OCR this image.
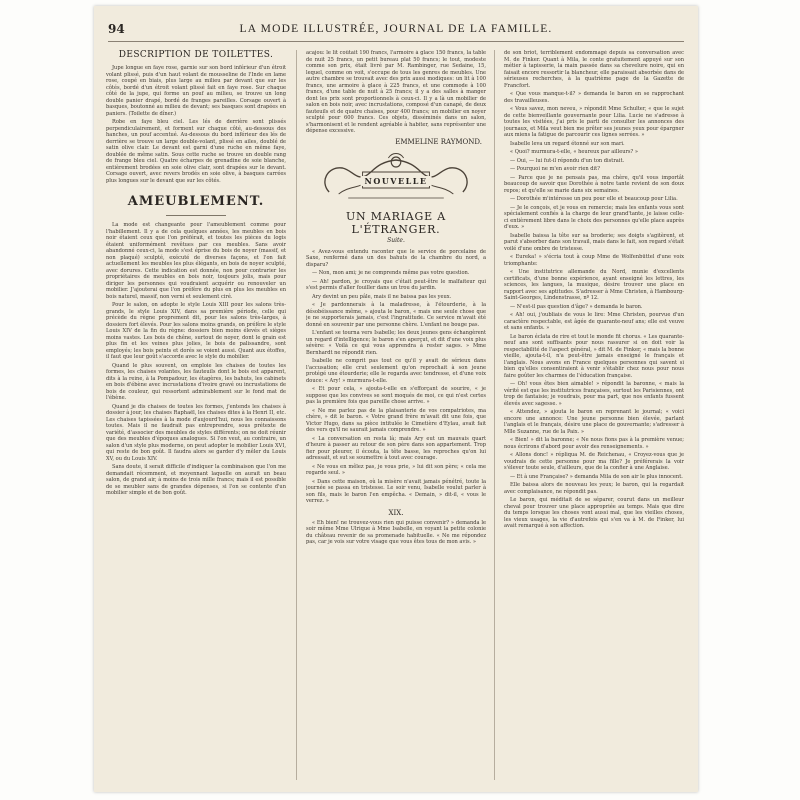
94	LA MODE ILLUSTRÉE, JOURNAL DE LA FAMILLE.
DESCRIPTION DE TOILETTES.

Jupe longue en faye rose, garnie sur son bord inférieur d'un étroit volant plissé, puis d'un haut volant de mousseline de l'Inde en lame rose, coupé en biais, plus large au milieu par devant que sur les côtés, bordé d'un étroit volant plissé fait en faye rose. Sur chaque côté de la jupe, qui forme un pouf au milieu, se trouve un long double panier drapé, bordé de franges pareilles. Corsage ouvert à basques, boutonné au milieu de devant; ses basques sont drapées en paniers. (Toilette de dîner.)

Robe en faye bleu ciel. Les lés de derrière sont plissés perpendiculairement, et forment sur chaque côté, au-dessous des hanches, un pouf accentué. Au-dessous du bord inférieur des lés de derrière se trouve un large double-volant, plissé en ailes, doublé de satin olive clair. Le devant est garni d'une ruche en même faye, doublée de même satin. Sous cette ruche se trouve un double rang de frange bleu ciel. Quatre écharpes de grenadine de soie blanche, entièrement brodées en soie olive clair, sont drapées sur le devant. Corsage ouvert, avec revers brodés en soie olive, à basques carrées plus longues sur le devant que sur les côtés.

AMEUBLEMENT.

La mode est changeante pour l'ameublement comme pour l'habillement. Il y a de cela quelques années, les meubles en bois noir étaient ceux que l'on préférait, et toutes les pièces du logis étaient uniformément revêtues par ces meubles. Sans avoir abandonné ceux-ci, la mode s'est éprise du bois de noyer (massif, et non plaqué) sculpté, exécuté de diverses façons, et l'on fait actuellement les meubles les plus élégants, en bois de noyer sculpté, avec dorures. Cette indication est donnée, non pour contrarier les propriétaires de meubles en bois noir, toujours jolis, mais pour diriger les personnes qui voudraient acquérir ou renouveler un mobilier. J'ajouterai que l'on préfère du plus en plus les meubles en bois naturel, massif, non verni et seulement ciré.

Pour le salon, on adopte le style Louis XIII pour les salons très-grands, le style Louis XIV, dans sa première période, celle qui précède du règne proprement dit, pour les salons très-larges, à dossiers fort élevés. Pour les salons moins grands, on préfère le style Louis XIV de la fin du règne: dossiers bien moins élevés et sièges moins vastes. Les bois de chêne, surtout de noyer, dont le grain est plus fin et les veines plus jolies, le bois de palissandre, sont employés; les bois peints et dorés se voient aussi. Quant aux étoffes, il faut que leur goût s'accorde avec le style du mobilier.

Quand le plus souvent, on emploie les chaises de toutes les formes, les chaises volantes, les fauteuils dont le bois est apparent, dits à la reine, à la Pompadour, les étagères, les bahuts, les cabinets en bois d'ébène avec incrustations d'ivoire gravé ou incrustations de bois de couleur, qui ressortent admirablement sur le fond mat de l'ébène.

Quand je dis chaises de toutes les formes, j'entends les chaises à dossier à jour, les chaises Raphaël, les chaises dites à la Henri II, etc. Les chaises tapissées à la mode d'aujourd'hui, nous les connaissons toutes. Mais il ne faudrait pas entreprendre, sous prétexte de variété, d'associer des meubles de styles différents; on ne doit réunir que des meubles d'époques analogues. Si l'on veut, au contraire, un salon d'un style plus moderne, on peut adopter le mobilier Louis XVI, qui reste de bon goût. Il faudra alors se garder d'y mêler du Louis XV, ou du Louis XIV.

Sans doute, il serait difficile d'indiquer la combinaison que l'on me demandait récemment, et moyennant laquelle on aurait un beau salon, de grand air, à moins de trois mille francs; mais il est possible de se meubler sans de grandes dépenses, si l'on se contente d'un mobilier simple et de bon goût.

acajou: le lit coûtait 190 francs, l'armoire à glace 150 francs, la table de nuit 25 francs, un petit bureau plat 50 francs; le tout, modeste comme son prix, était livré par M. Rambinger, rue Sedaine, 15, lequel, comme on voit, s'occupe de tous les genres de meubles. Une autre chambre se trouvait avec des prix aussi modiques: un lit à 100 francs, une armoire à glace à 225 francs, et une commode à 100 francs, d'une table de nuit à 25 francs; il y a des salles à manger dont les prix sont proportionnels à ceux-ci. Il y a là un mobilier de salon en bois noir, avec incrustations, composé d'un canapé, de deux fauteuils et de quatre chaises, pour 400 francs; un mobilier en noyer sculpté pour 600 francs. Ces objets, disséminés dans un salon, s'harmonisent et le rendent agréable à habiter, sans représenter une dépense excessive.

EMMELINE RAYMOND.
NOUVELLE
UN MARIAGE A L'ÉTRANGER.
Suite.

« Avez-vous entendu raconter que le service de porcelaine de Saxe, renfermé dans un des bahuts de la chambre du nord, a disparu?

— Non, mon ami; je ne comprends même pas votre question.

— Ah! pardon, je croyais que c'était peut-être le malfaiteur qui s'est permis d'aller fouiller dans un trou du jardin.

Ary devint un peu pâle, mais il ne baissa pas les yeux.

« Je pardonnerais à la maladresse, à l'étourderie, à la désobéissance même, » ajouta le baron, « mais une seule chose que je ne supporterais jamais, c'est l'ingratitude. Ce service m'avait été donné en souvenir par une personne chère. L'enfant ne bouge pas.

L'enfant se tourna vers Isabelle; les deux jeunes gens échangèrent un regard d'intelligence; le baron s'en aperçut, et dit d'une voix plus sévère: « Voilà ce qui vous apprendra à rester sages. » Mme Bernhardt ne répondit rien.

Isabelle ne comprit pas tout ce qu'il y avait de sérieux dans l'accusation; elle crut seulement qu'on reprochait à son jeune protégé une étourderie; elle le regarda avec tendresse, et d'une voix douce: « Ary! » murmura-t-elle.

« Et pour cela, » ajouta-t-elle en s'efforçant de sourire, « je suppose que les convives se sont moqués de moi, ce qui n'est certes pas la première fois que pareille chose arrive. »

« Ne me parlez pas de la plaisanterie de vos compatriotes, ma chère, » dit le baron. « Votre grand frère m'avait dit une fois, que Victor Hugo, dans sa pièce intitulée le Cimetière d'Eylau, avait fait des vers qu'il ne saurait jamais comprendre. »

« La conversation en resta là; mais Ary eut un mauvais quart d'heure à passer au retour de son père dans son appartement. Trop fier pour pleurer, il écouta, la tête basse, les reproches qu'on lui adressait, et sut se soumettre à tout avec courage.

« Ne vous en mêlez pas, je vous prie, » lui dit son père; « cela me regarde seul. »

« Dans cette maison, où la misère n'avait jamais pénétré, toute la journée se passa en tristesse. Le soir venu, Isabelle voulut parler à son fils, mais le baron l'en empêcha. « Demain, » dit-il, « vous le verrez. »

XIX.

« Eh bien! ne trouvez-vous rien qui puisse convenir? » demanda le soir même Mme Ulrique à Mme Isabelle, en voyant la petite colonie du château revenir de sa promenade habituelle. « Ne me répondez pas, car je vois sur votre visage que vous êtes tous de mon avis. »

de son briot, terriblement endommagé depuis sa conversation avec M. de Finker. Quant à Mila, le conte gratuitement appuyé sur son métier à tapisserie, la main passée dans sa chevelure noire, qui en faisait encore ressortir la blancheur, elle paraissait absorbée dans de sérieuses recherches, à la quatrième page de la Gazette de Francfort.

« Que vous manque-t-il? » demanda le baron en se rapprochant des travailleuses.

« Vous savez, mon neveu, » répondit Mme Schulter, « que le sujet de cette bienveillante gouvernante pour Lilia. Lucie ne s'adresse à toutes les visitées, j'ai pris le parti de consulter les annonces des journaux, et Mila veut bien me prêter ses jeunes yeux pour épargner aux miens la fatigue de parcourir ces lignes serrées. »

Isabelle leva un regard étonné sur son mari.

« Quoi? murmura-t-elle, « heureux par ailleurs? »

— Oui, — lui fut-il répondu d'un ton distrait.

— Pourquoi ne m'en avoir rien dit?

— Parce que je ne pensais pas, ma chère, qu'il vous importât beaucoup de savoir que Dorothée à notre tante revient de son doux repos; et qu'elle se marie dans six semaines.

— Dorothée m'intéresse un peu pour elle et beaucoup pour Lilia.

— Je le conçois, et je vous en remercie; mais les enfants vous sont spécialement confiés à la charge de leur grand'tante, je laisse celle-ci entièrement libre dans le choix des personnes qu'elle place auprès d'eux. »

Isabelle baissa la tête sur sa broderie; ses doigts s'agitèrent, et parut s'absorber dans son travail, mais dans le fait, son regard s'était voilé d'une ombre de tristesse.

« Eureka! » s'écria tout à coup Mme de Wolfenbüttel d'une voix triomphante:

« Une institutrice allemande du Nord, munie d'excellents certificats, d'une bonne expérience, ayant enseigné les lettres, les sciences, les langues, la musique, désire trouver une place en rapport avec ses aptitudes. S'adresser à Mme Christen, à Hambourg-Saint-Georges, Lindenstrasse, nº 12.

— N'est-il pas question d'âge? » demanda le baron.

« Ah! oui, j'oubliais de vous le lire: Mme Christen, pourvue d'un caractère respectable, est âgée de quarante-neuf ans; elle est veuve et sans enfants. »

Le baron éclata de rire et tout le monde fit chorus. « Les quarante-neuf ans sont suffisants pour nous rassurer si on doit voir la respectabilité de l'aspect général, » dit M. de Finker, « mais la bonne vieille, ajouta-t-il, n'a peut-être jamais enseigné le français et l'anglais. Nous avons en France quelques personnes qui savent si bien qu'elles consentiraient à venir s'établir chez nous pour nous faire goûter les charmes de l'éducation française.

— Oh! vous êtes bien aimable! » répondit la baronne, « mais la vérité est que les institutrices françaises, surtout les Parisiennes, ont trop de fantaisie; je voudrais, pour ma part, que nos enfants fussent élevés avec sagesse. »

« Attendez, » ajouta le baron en reprenant le journal; « voici encore une annonce: Une jeune personne bien élevée, parlant l'anglais et le français, désire une place de gouvernante; s'adresser à Mlle Suzanne, rue de la Paix. »

« Bien! » dit la baronne; « Ne nous fions pas à la première venue; nous écrirons d'abord pour avoir des renseignements. »

« Allons donc! » répliqua M. de Reichenau, « Croyez-vous que je voudrais de cette personne pour ma fille? Je préférerais la voir s'élever toute seule, d'ailleurs, que de la confier à une Anglaise.

— Et à une Française? » demanda Mila de son air le plus innocent.

Elle baissa alors de nouveau les yeux; le baron, qui la regardait avec complaisance, ne répondit pas.

Le baron, qui méditait de se séparer, courut dans un meilleur cheval pour trouver une place appropriée au temps. Mais que dire du temps lorsque les choses vont aussi mal, que les vieilles choses, les vieux usages, la vie d'autrefois qui s'en va à M. de Finker, lui avait remarqué à son affection.
